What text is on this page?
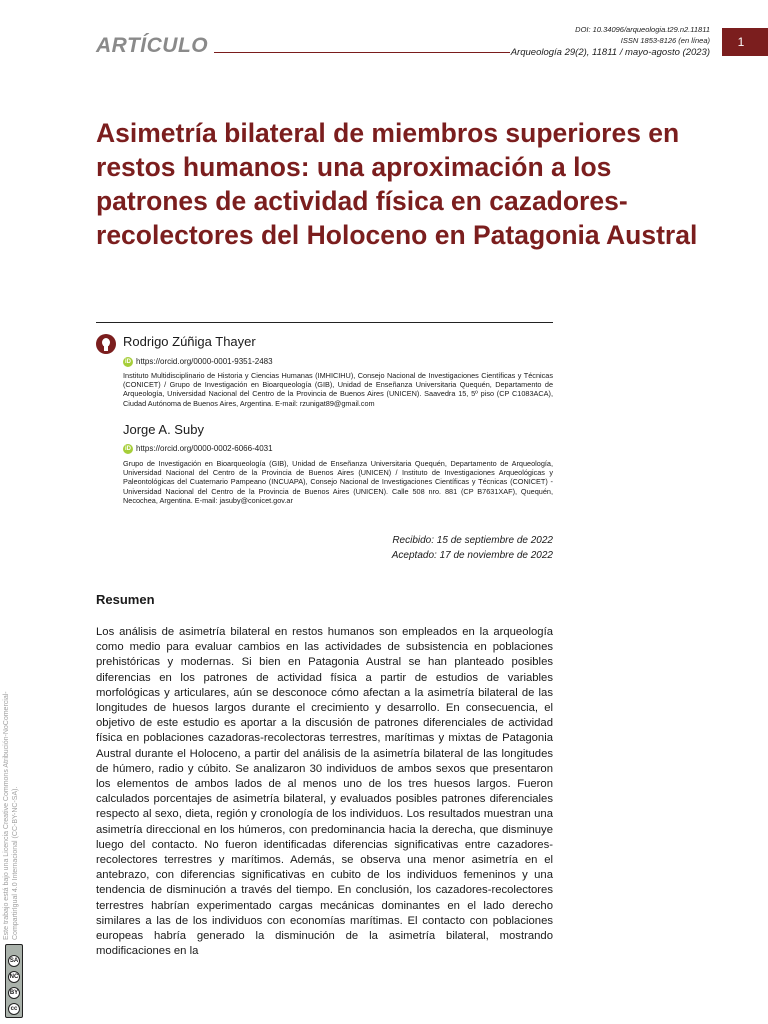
ARTÍCULO
DOI: 10.34096/arqueologia.t29.n2.11811
ISSN 1853-8126 (en línea)
Arqueología 29(2), 11811 / mayo-agosto (2023)
1
Asimetría bilateral de miembros superiores en restos humanos: una aproximación a los patrones de actividad física en cazadores-recolectores del Holoceno en Patagonia Austral
Rodrigo Zúñiga Thayer
iD https://orcid.org/0000-0001-9351-2483
Instituto Multidisciplinario de Historia y Ciencias Humanas (IMHICIHU), Consejo Nacional de Investigaciones Científicas y Técnicas (CONICET) / Grupo de Investigación en Bioarqueología (GIB), Unidad de Enseñanza Universitaria Quequén, Departamento de Arqueología, Universidad Nacional del Centro de la Provincia de Buenos Aires (UNICEN). Saavedra 15, 5º piso (CP C1083ACA), Ciudad Autónoma de Buenos Aires, Argentina. E-mail: rzunigat89@gmail.com
Jorge A. Suby
iD https://orcid.org/0000-0002-6066-4031
Grupo de Investigación en Bioarqueología (GIB), Unidad de Enseñanza Universitaria Quequén, Departamento de Arqueología, Universidad Nacional del Centro de la Provincia de Buenos Aires (UNICEN) / Instituto de Investigaciones Arqueológicas y Paleontológicas del Cuaternario Pampeano (INCUAPA), Consejo Nacional de Investigaciones Científicas y Técnicas (CONICET) - Universidad Nacional del Centro de la Provincia de Buenos Aires (UNICEN). Calle 508 nro. 881 (CP B7631XAF), Quequén, Necochea, Argentina. E-mail: jasuby@conicet.gov.ar
Recibido: 15 de septiembre de 2022
Aceptado: 17 de noviembre de 2022
Resumen

Los análisis de asimetría bilateral en restos humanos son empleados en la arqueología como medio para evaluar cambios en las actividades de subsistencia en poblaciones prehistóricas y modernas. Si bien en Patagonia Austral se han planteado posibles diferencias en los patrones de actividad física a partir de estudios de variables morfológicas y articulares, aún se desconoce cómo afectan a la asimetría bilateral de las longitudes de huesos largos durante el crecimiento y desarrollo. En consecuencia, el objetivo de este estudio es aportar a la discusión de patrones diferenciales de actividad física en poblaciones cazadoras-recolectoras terrestres, marítimas y mixtas de Patagonia Austral durante el Holoceno, a partir del análisis de la asimetría bilateral de las longitudes de húmero, radio y cúbito. Se analizaron 30 individuos de ambos sexos que presentaron los elementos de ambos lados de al menos uno de los tres huesos largos. Fueron calculados porcentajes de asimetría bilateral, y evaluados posibles patrones diferenciales respecto al sexo, dieta, región y cronología de los individuos. Los resultados muestran una asimetría direccional en los húmeros, con predominancia hacia la derecha, que disminuye luego del contacto. No fueron identificadas diferencias significativas entre cazadores-recolectores terrestres y marítimos. Además, se observa una menor asimetría en el antebrazo, con diferencias significativas en cubito de los individuos femeninos y una tendencia de disminución a través del tiempo. En conclusión, los cazadores-recolectores terrestres habrían experimentado cargas mecánicas dominantes en el lado derecho similares a las de los individuos con economías marítimas. El contacto con poblaciones europeas habría generado la disminución de la asimetría bilateral, mostrando modificaciones en la

Este trabajo está bajo una Licencia Creative Commons Atribución-NoComercial-CompartirIgual 4.0 Internacional (CC-BY-NC-SA).
cc
BY
NC
SA
